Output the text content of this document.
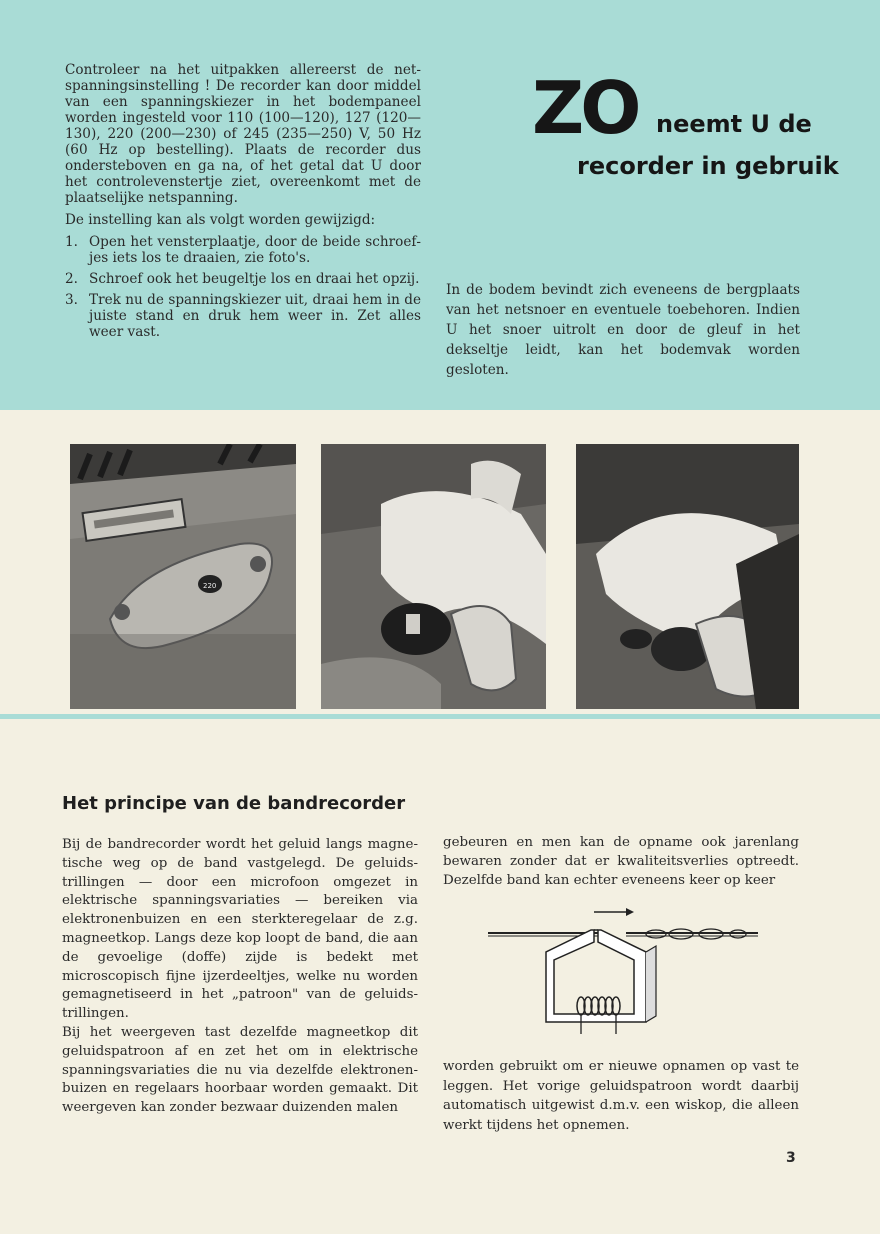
Controleer na het uitpakken allereerst de netspanningsinstelling ! De recorder kan door middel van een spanningskiezer in het bodempaneel worden ingesteld voor 110 (100—120), 127 (120—130), 220 (200—230) of 245 (235—250) V, 50 Hz (60 Hz op bestelling). Plaats de recorder dus ondersteboven en ga na, of het getal dat U door het controlevenstertje ziet, overeenkomt met de plaatselijke netspanning.

De instelling kan als volgt worden gewijzigd:

1. Open het vensterplaatje, door de beide schroefjes iets los te draaien, zie foto's.
2. Schroef ook het beugeltje los en draai het opzij.
3. Trek nu de spanningskiezer uit, draai hem in de juiste stand en druk hem weer in. Zet alles weer vast.
ZO neemt U de
recorder in gebruik
In de bodem bevindt zich eveneens de bergplaats van het netsnoer en eventuele toebehoren. Indien U het snoer uitrolt en door de gleuf in het dekseltje leidt, kan het bodemvak worden gesloten.
220
Het principe van de bandrecorder

Bij de bandrecorder wordt het geluid langs magnetische weg op de band vastgelegd. De geluidstrillingen — door een microfoon omgezet in elektrische spanningsvariaties — bereiken via elektronenbuizen en een sterkteregelaar de z.g. magneetkop. Langs deze kop loopt de band, die aan de gevoelige (doffe) zijde is bedekt met microscopisch fijne ijzerdeeltjes, welke nu worden gemagnetiseerd in het „patroon" van de geluidstrillingen.

Bij het weergeven tast dezelfde magneetkop dit geluidspatroon af en zet het om in elektrische spanningsvariaties die nu via dezelfde elektronenbuizen en regelaars hoorbaar worden gemaakt. Dit weergeven kan zonder bezwaar duizenden malen

gebeuren en men kan de opname ook jarenlang bewaren zonder dat er kwaliteitsverlies optreedt. Dezelfde band kan echter eveneens keer op keer
worden gebruikt om er nieuwe opnamen op vast te leggen. Het vorige geluidspatroon wordt daarbij automatisch uitgewist d.m.v. een wiskop, die alleen werkt tijdens het opnemen.
3
